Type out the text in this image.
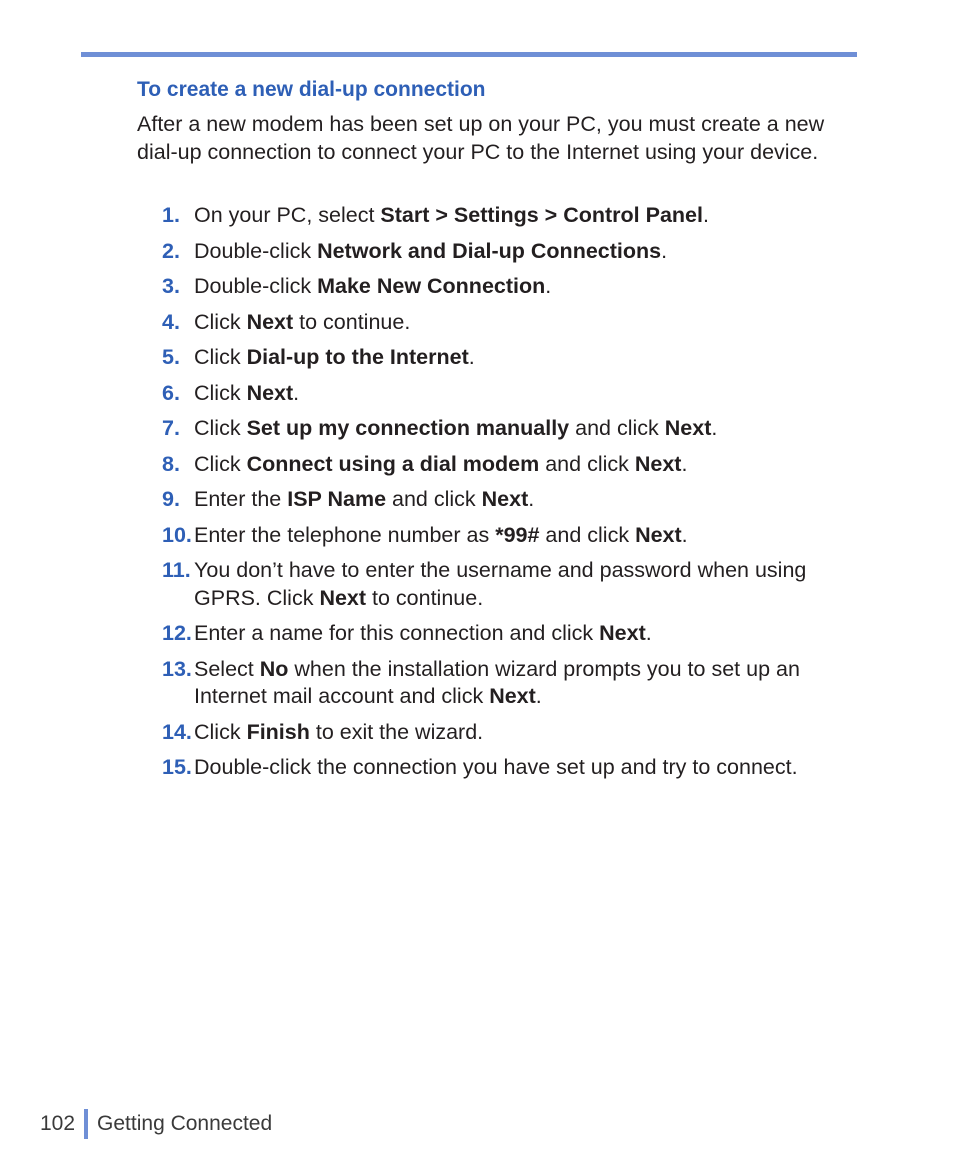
To create a new dial-up connection

After a new modem has been set up on your PC, you must create a new dial-up connection to connect your PC to the Internet using your device.

1. On your PC, select Start > Settings > Control Panel.
2. Double-click Network and Dial-up Connections.
3. Double-click Make New Connection.
4. Click Next to continue.
5. Click Dial-up to the Internet.
6. Click Next.
7. Click Set up my connection manually and click Next.
8. Click Connect using a dial modem and click Next.
9. Enter the ISP Name and click Next.
10. Enter the telephone number as *99# and click Next.
11. You don’t have to enter the username and password when using GPRS. Click Next to continue.
12. Enter a name for this connection and click Next.
13. Select No when the installation wizard prompts you to set up an Internet mail account and click Next.
14. Click Finish to exit the wizard.
15. Double-click the connection you have set up and try to connect.
102 Getting Connected
